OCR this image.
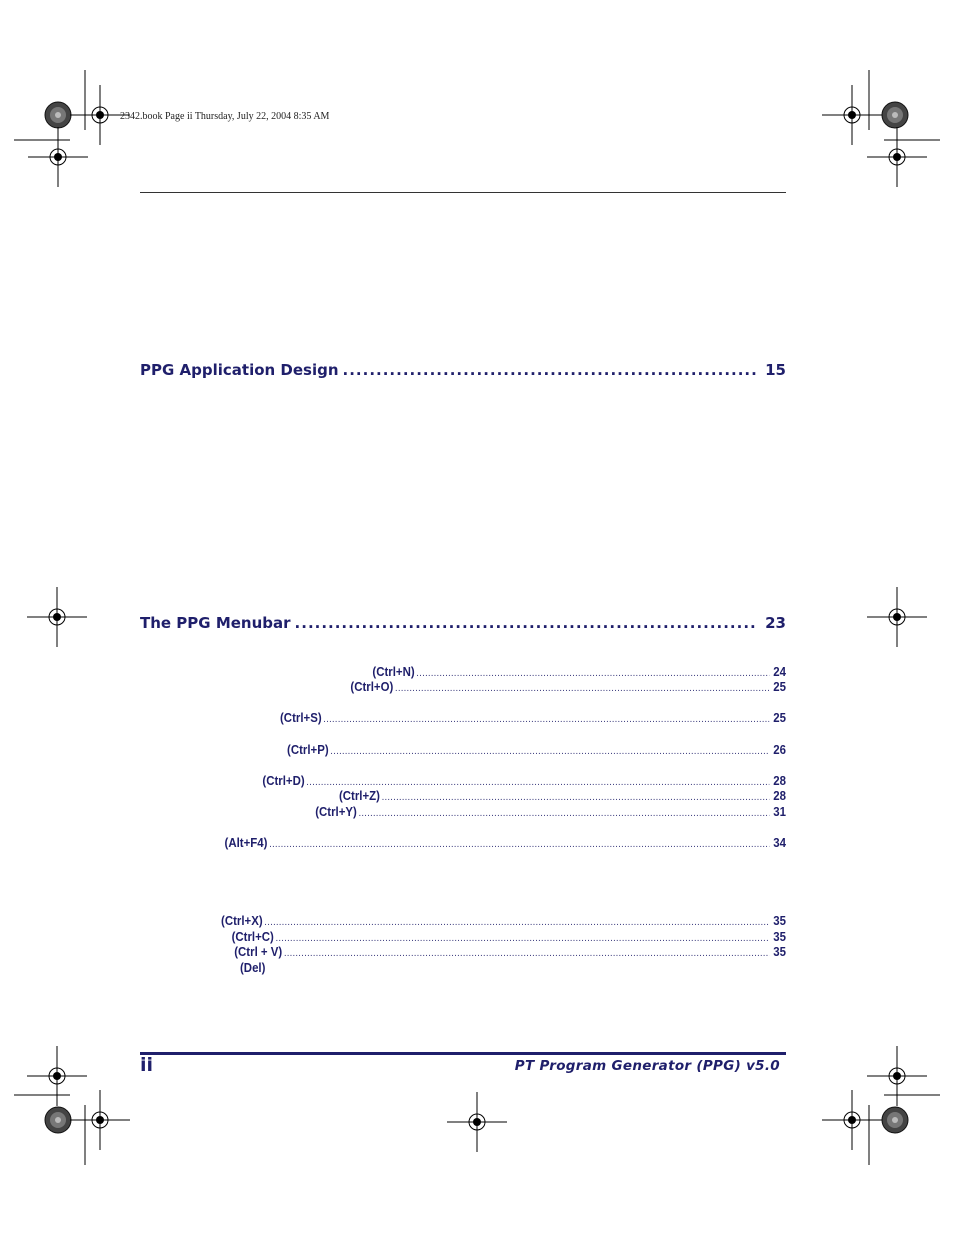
2342.book Page ii Thursday, July 22, 2004 8:35 AM
PPG Application Design .....	15
The PPG Menubar .....	23
(Ctrl+N) .....	24
(Ctrl+O) .....	25
(Ctrl+S) .....	25
(Ctrl+P) .....	26
(Ctrl+D) .....	28
(Ctrl+Z) .....	28
(Ctrl+Y) .....	31
(Alt+F4) .....	34
(Ctrl+X) .....	35
(Ctrl+C) .....	35
(Ctrl + V) .....	35
(Del)
ii	PT Program Generator (PPG) v5.0
